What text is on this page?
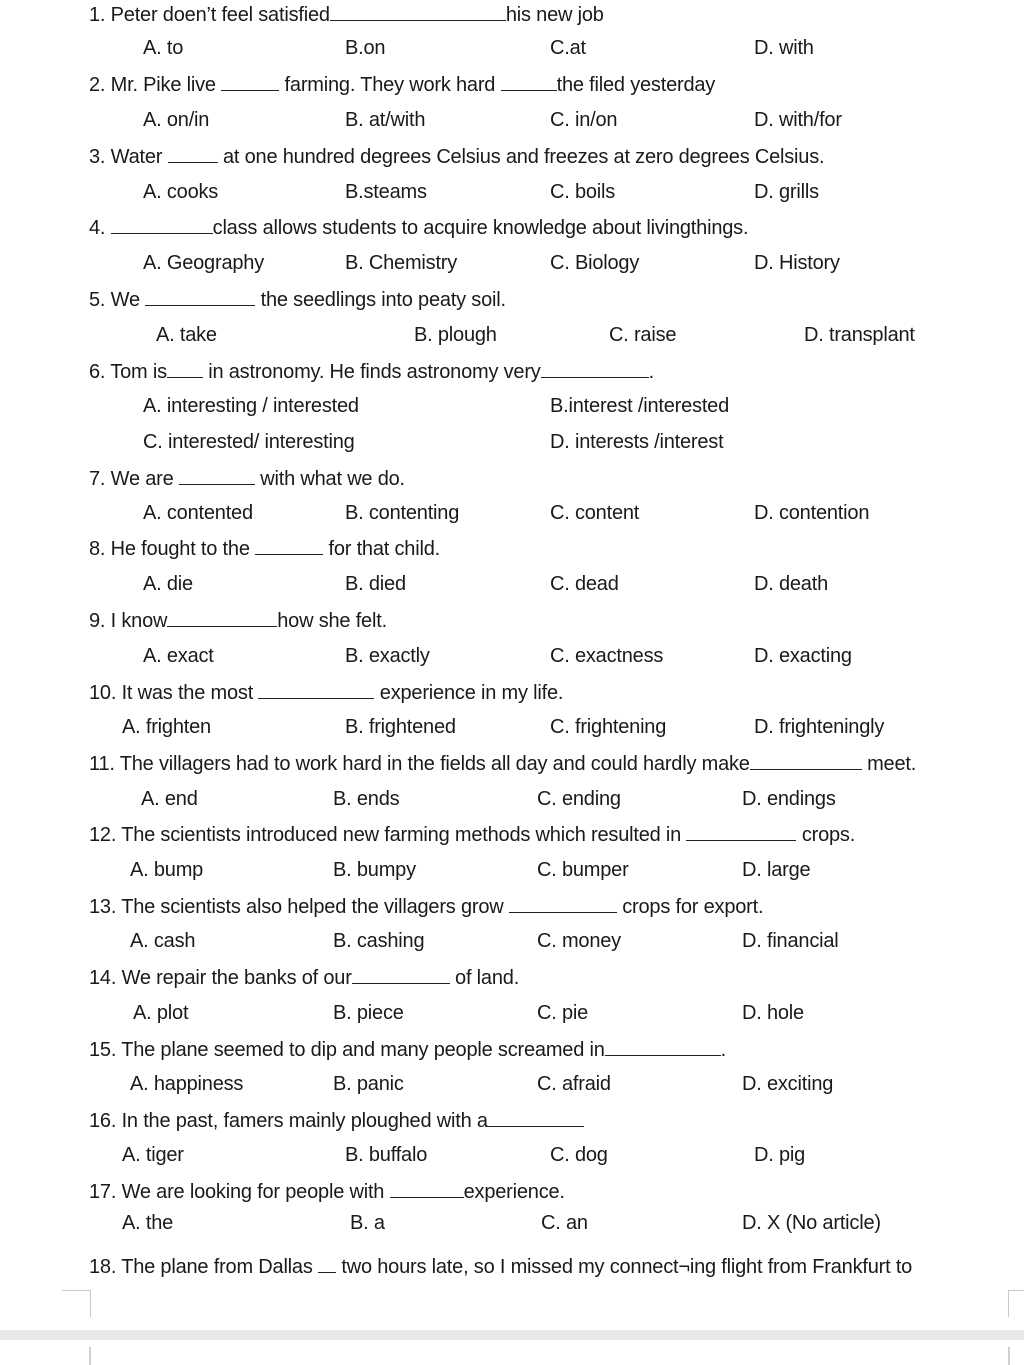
1. Peter doen’t feel satisfied	his new job
A. to	B.on	C.at	D. with
2. Mr. Pike live	farming. They work hard	the filed yesterday
A. on/in	B. at/with	C. in/on	D. with/for
3. Water	at one hundred degrees Celsius and freezes at zero degrees Celsius.
A. cooks	B.steams	C. boils	D. grills
4.	class allows students to acquire knowledge about livingthings.
A. Geography	B. Chemistry	C. Biology	D. History
5. We	the seedlings into peaty soil.
A. take	B. plough	C. raise	D. transplant
6. Tom is in astronomy. He finds astronomy very	.
A. interesting / interested	B.interest /interested
C. interested/ interesting	D. interests /interest
7. We are	with what we do.
A. contented	B. contenting	C. content	D. contention
8. He fought to the	for that child.
A. die	B. died	C. dead	D. death
9. I know	how she felt.
A. exact	B. exactly	C. exactness	D. exacting
10. It was the most	experience in my life.
A. frighten	B. frightened	C. frightening	D. frighteningly
11. The villagers had to work hard in the fields all day and could hardly make	meet.
A. end	B. ends	C. ending	D. endings
12. The scientists introduced new farming methods which resulted in	crops.
A. bump	B. bumpy	C. bumper	D. large
13. The scientists also helped the villagers grow	crops for export.
A. cash	B. cashing	C. money	D. financial
14. We repair the banks of our	of land.
A. plot	B. piece	C. pie	D. hole
15. The plane seemed to dip and many people screamed in	.
A. happiness	B. panic	C. afraid	D. exciting
16. In the past, famers mainly ploughed with a
A. tiger	B. buffalo	C. dog	D. pig
17. We are looking for people with	experience.
A. the	B. a	C. an	D. X (No article)
18. The plane from Dallas  two hours late, so I missed my connect¬ing flight from Frankfurt to
